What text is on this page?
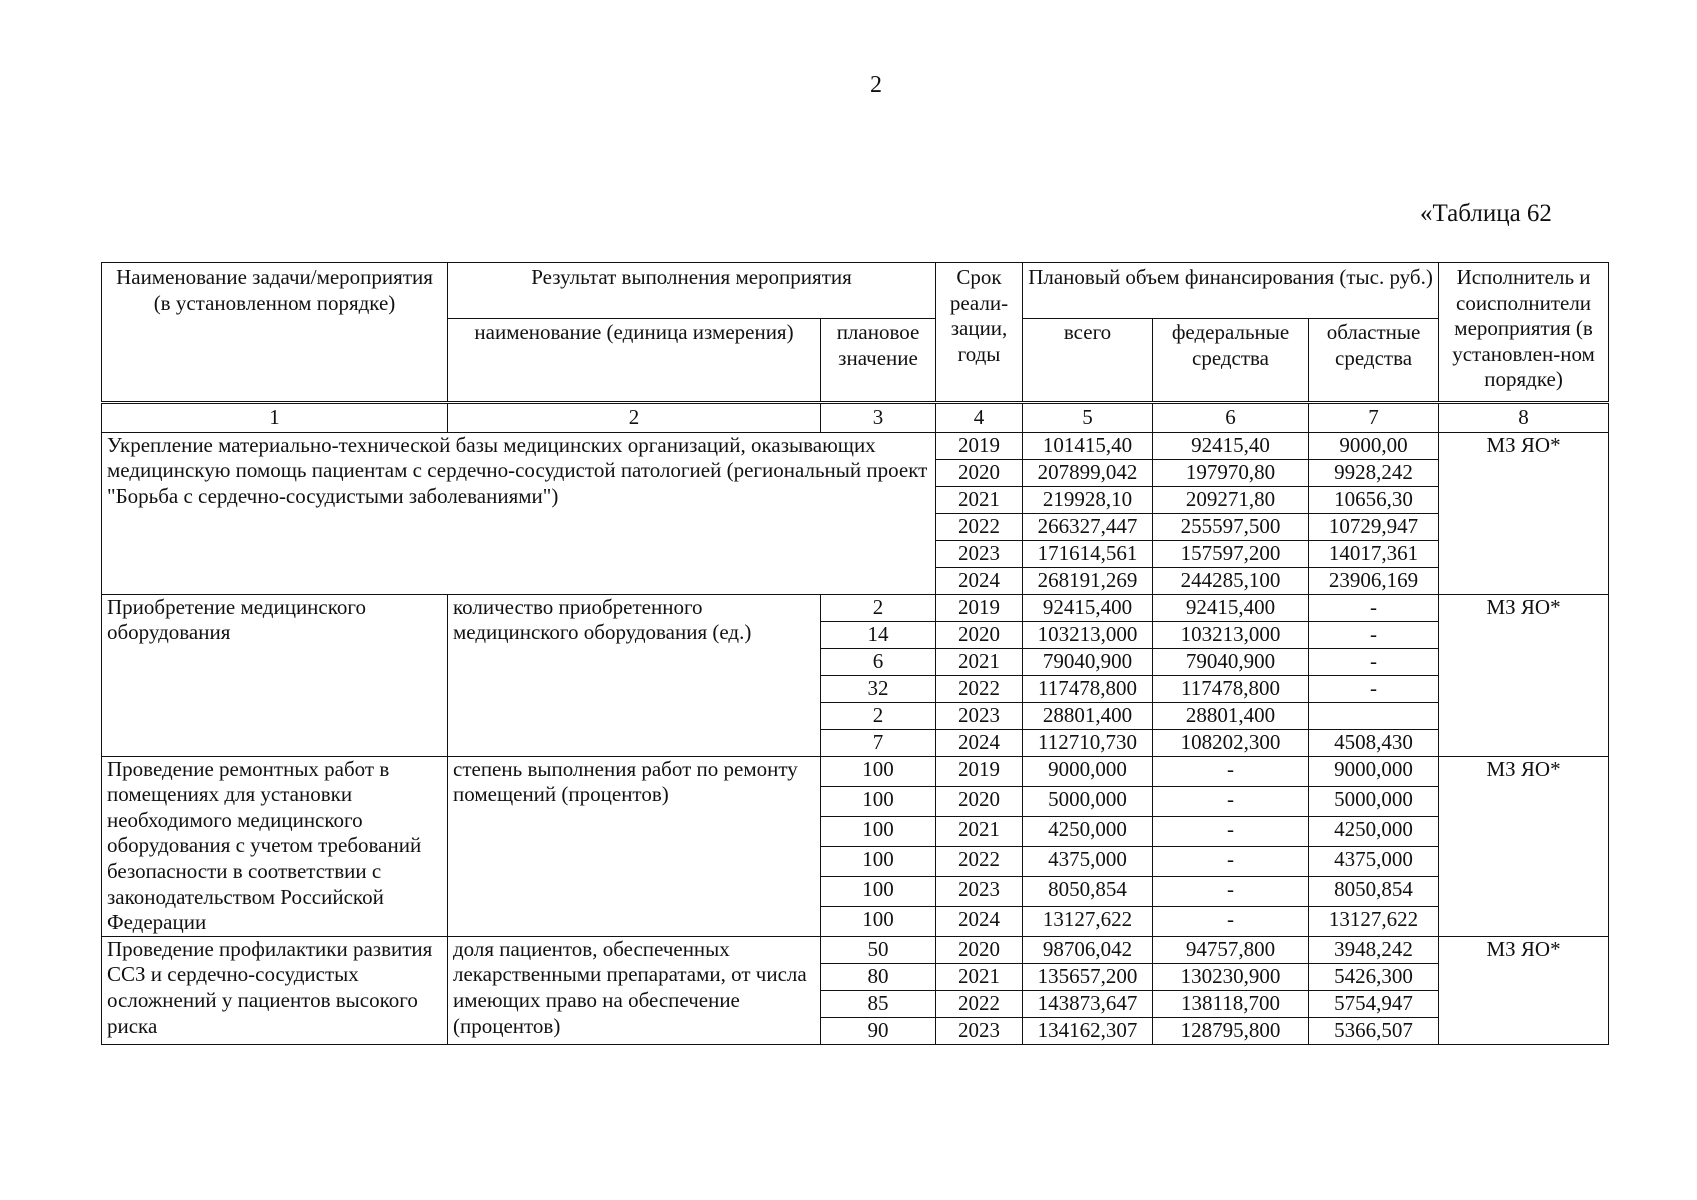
2
«Таблица 62
Наименование задачи/мероприятия (в установленном порядке)	Результат выполнения мероприятия		Срок реали-зации, годы	Плановый объем финансирования (тыс. руб.)			Исполнитель и соисполнители мероприятия (в установлен-ном порядке)
	наименование (единица измерения)	плановое значение		всего	федеральные средства	областные средства	
1	2	3	4	5	6	7	8
Укрепление материально-технической базы медицинских организаций, оказывающих медицинскую помощь пациентам с сердечно-сосудистой патологией (региональный проект "Борьба с сердечно-сосудистыми заболеваниями")			2019	101415,40	92415,40	9000,00	МЗ ЯО*
			2020	207899,042	197970,80	9928,242	
			2021	219928,10	209271,80	10656,30	
			2022	266327,447	255597,500	10729,947	
			2023	171614,561	157597,200	14017,361	
			2024	268191,269	244285,100	23906,169	
Приобретение медицинского оборудования	количество приобретенного медицинского оборудования (ед.)	2	2019	92415,400	92415,400	-	МЗ ЯО*
		14	2020	103213,000	103213,000	-	
		6	2021	79040,900	79040,900	-	
		32	2022	117478,800	117478,800	-	
		2	2023	28801,400	28801,400		
		7	2024	112710,730	108202,300	4508,430	
Проведение ремонтных работ в помещениях для установки необходимого медицинского оборудования с учетом требований безопасности в соответствии с законодательством Российской Федерации	степень выполнения работ по ремонту помещений (процентов)	100	2019	9000,000	-	9000,000	МЗ ЯО*
		100	2020	5000,000	-	5000,000	
		100	2021	4250,000	-	4250,000	
		100	2022	4375,000	-	4375,000	
		100	2023	8050,854	-	8050,854	
		100	2024	13127,622	-	13127,622	
Проведение профилактики развития ССЗ и сердечно-сосудистых осложнений у пациентов высокого риска	доля пациентов, обеспеченных лекарственными препаратами, от числа имеющих право на обеспечение (процентов)	50	2020	98706,042	94757,800	3948,242	МЗ ЯО*
		80	2021	135657,200	130230,900	5426,300	
		85	2022	143873,647	138118,700	5754,947	
		90	2023	134162,307	128795,800	5366,507	
